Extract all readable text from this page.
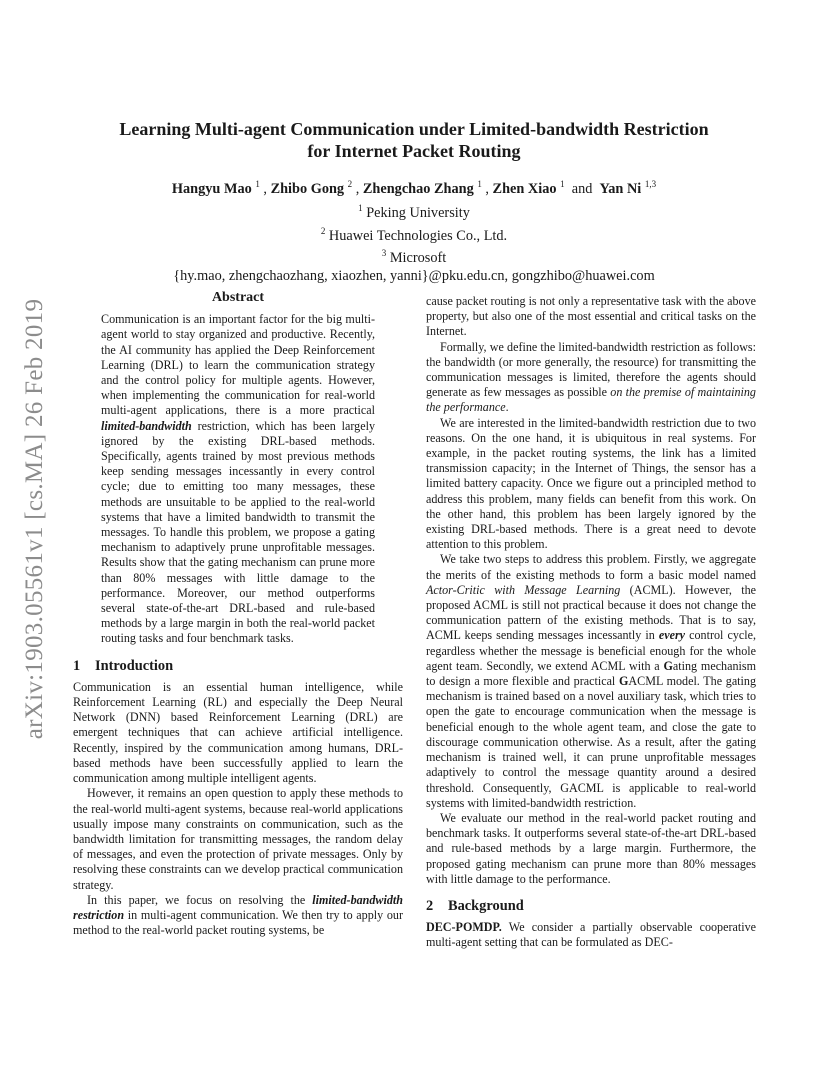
arXiv:1903.05561v1 [cs.MA] 26 Feb 2019
Learning Multi-agent Communication under Limited-bandwidth Restriction
for Internet Packet Routing
Hangyu Mao $^1$ , Zhibo Gong $^2$ , Zhengchao Zhang $^1$ , Zhen Xiao $^1$ and Yan Ni $^{1,3}$
$^1$ Peking University
$^2$ Huawei Technologies Co., Ltd.
$^3$ Microsoft
{hy.mao, zhengchaozhang, xiaozhen, yanni}@pku.edu.cn, gongzhibo@huawei.com
Abstract

Communication is an important factor for the big multi-agent world to stay organized and productive. Recently, the AI community has applied the Deep Reinforcement Learning (DRL) to learn the communication strategy and the control policy for multiple agents. However, when implementing the communication for real-world multi-agent applications, there is a more practical limited-bandwidth restriction, which has been largely ignored by the existing DRL-based methods. Specifically, agents trained by most previous methods keep sending messages incessantly in every control cycle; due to emitting too many messages, these methods are unsuitable to be applied to the real-world systems that have a limited bandwidth to transmit the messages. To handle this problem, we propose a gating mechanism to adaptively prune unprofitable messages. Results show that the gating mechanism can prune more than 80% messages with little damage to the performance. Moreover, our method outperforms several state-of-the-art DRL-based and rule-based methods by a large margin in both the real-world packet routing tasks and four benchmark tasks.

1 Introduction

Communication is an essential human intelligence, while Reinforcement Learning (RL) and especially the Deep Neural Network (DNN) based Reinforcement Learning (DRL) are emergent techniques that can achieve artificial intelligence. Recently, inspired by the communication among humans, DRL-based methods have been successfully applied to learn the communication among multiple intelligent agents.

However, it remains an open question to apply these methods to the real-world multi-agent systems, because real-world applications usually impose many constraints on communication, such as the bandwidth limitation for transmitting messages, the random delay of messages, and even the protection of private messages. Only by resolving these constraints can we develop practical communication strategy.

In this paper, we focus on resolving the limited-bandwidth restriction in multi-agent communication. We then try to apply our method to the real-world packet routing systems, be

cause packet routing is not only a representative task with the above property, but also one of the most essential and critical tasks on the Internet.

Formally, we define the limited-bandwidth restriction as follows: the bandwidth (or more generally, the resource) for transmitting the communication messages is limited, therefore the agents should generate as few messages as possible on the premise of maintaining the performance.

We are interested in the limited-bandwidth restriction due to two reasons. On the one hand, it is ubiquitous in real systems. For example, in the packet routing systems, the link has a limited transmission capacity; in the Internet of Things, the sensor has a limited battery capacity. Once we figure out a principled method to address this problem, many fields can benefit from this work. On the other hand, this problem has been largely ignored by the existing DRL-based methods. There is a great need to devote attention to this problem.

We take two steps to address this problem. Firstly, we aggregate the merits of the existing methods to form a basic model named Actor-Critic with Message Learning (ACML). However, the proposed ACML is still not practical because it does not change the communication pattern of the existing methods. That is to say, ACML keeps sending messages incessantly in every control cycle, regardless whether the message is beneficial enough for the whole agent team. Secondly, we extend ACML with a Gating mechanism to design a more flexible and practical GACML model. The gating mechanism is trained based on a novel auxiliary task, which tries to open the gate to encourage communication when the message is beneficial enough to the whole agent team, and close the gate to discourage communication otherwise. As a result, after the gating mechanism is trained well, it can prune unprofitable messages adaptively to control the message quantity around a desired threshold. Consequently, GACML is applicable to real-world systems with limited-bandwidth restriction.

We evaluate our method in the real-world packet routing and benchmark tasks. It outperforms several state-of-the-art DRL-based and rule-based methods by a large margin. Furthermore, the proposed gating mechanism can prune more than 80% messages with little damage to the performance.

2 Background

DEC-POMDP. We consider a partially observable cooperative multi-agent setting that can be formulated as DEC-
